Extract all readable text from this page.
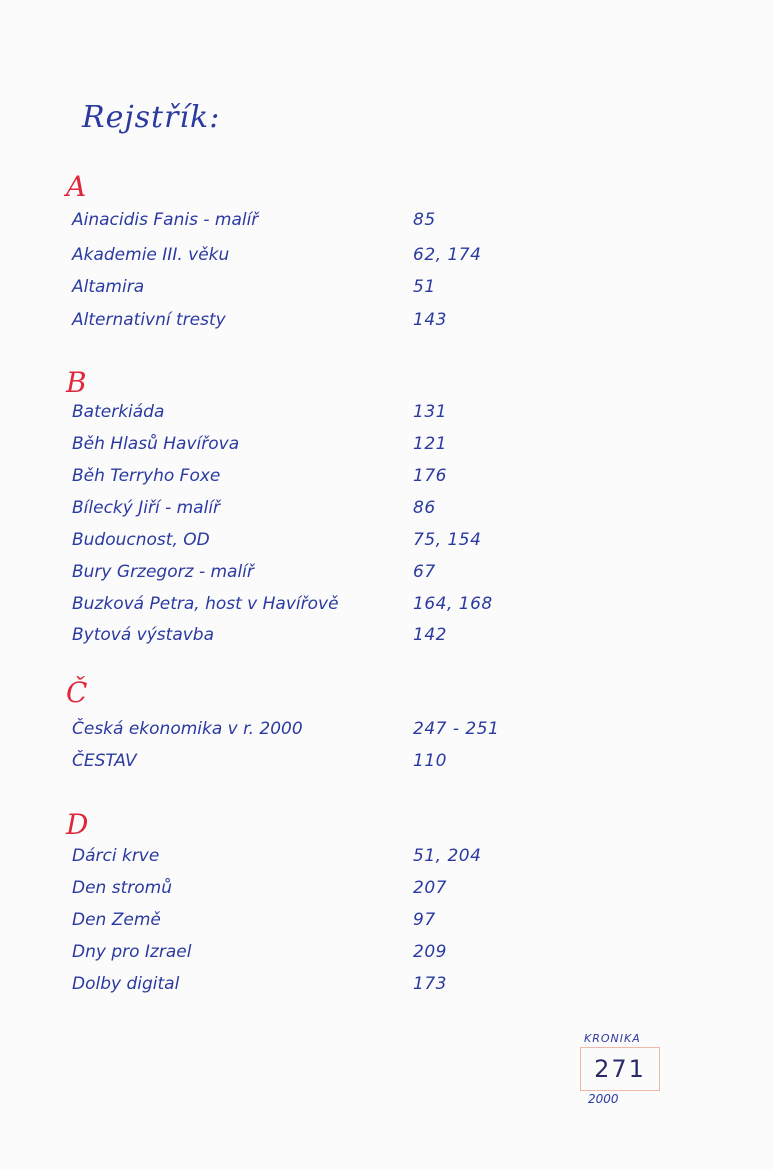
Rejstřík:
A
Ainacidis Fanis - malíř	85
Akademie III. věku	62, 174
Altamira	51
Alternativní tresty	143
B
Baterkiáda	131
Běh Hlasů Havířova	121
Běh Terryho Foxe	176
Bílecký Jiří - malíř	86
Budoucnost, OD	75, 154
Bury Grzegorz - malíř	67
Buzková Petra, host v Havířově	164, 168
Bytová výstavba	142
Č
Česká ekonomika v r. 2000	247 - 251
ČESTAV	110
D
Dárci krve	51, 204
Den stromů	207
Den Země	97
Dny pro Izrael	209
Dolby digital	173
KRONIKA
271
2000
